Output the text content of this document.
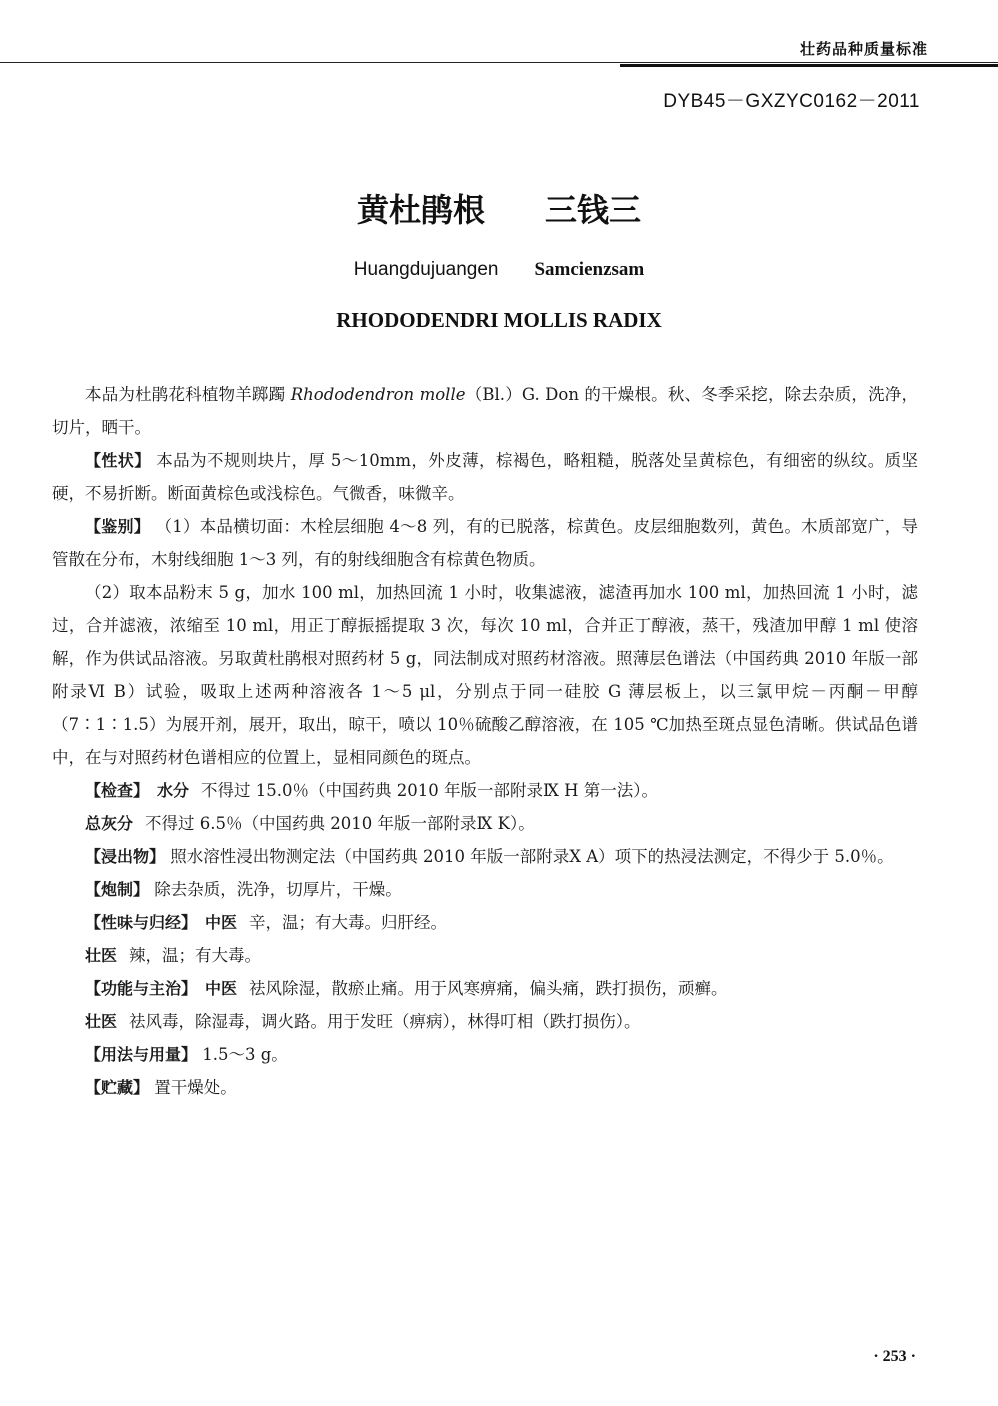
壮药品种质量标准
DYB45－GXZYC0162－2011
黄杜鹃根 三钱三
Huangdujuangen Samcienzsam
RHODODENDRI MOLLIS RADIX

本品为杜鹃花科植物羊踯躅 Rhododendron molle（Bl.）G. Don 的干燥根。秋、冬季采挖，除去杂质，洗净，切片，晒干。

【性状】 本品为不规则块片，厚 5～10mm，外皮薄，棕褐色，略粗糙，脱落处呈黄棕色，有细密的纵纹。质坚硬，不易折断。断面黄棕色或浅棕色。气微香，味微辛。

【鉴别】 （1）本品横切面：木栓层细胞 4～8 列，有的已脱落，棕黄色。皮层细胞数列，黄色。木质部宽广，导管散在分布，木射线细胞 1～3 列，有的射线细胞含有棕黄色物质。

（2）取本品粉末 5 g，加水 100 ml，加热回流 1 小时，收集滤液，滤渣再加水 100 ml，加热回流 1 小时，滤过，合并滤液，浓缩至 10 ml，用正丁醇振摇提取 3 次，每次 10 ml，合并正丁醇液，蒸干，残渣加甲醇 1 ml 使溶解，作为供试品溶液。另取黄杜鹃根对照药材 5 g，同法制成对照药材溶液。照薄层色谱法（中国药典 2010 年版一部附录Ⅵ B）试验，吸取上述两种溶液各 1～5 μl，分别点于同一硅胶 G 薄层板上，以三氯甲烷－丙酮－甲醇（7∶1∶1.5）为展开剂，展开，取出，晾干，喷以 10％硫酸乙醇溶液，在 105 ℃加热至斑点显色清晰。供试品色谱中，在与对照药材色谱相应的位置上，显相同颜色的斑点。

【检查】 水分 不得过 15.0％（中国药典 2010 年版一部附录Ⅸ H 第一法）。

总灰分 不得过 6.5％（中国药典 2010 年版一部附录Ⅸ K）。

【浸出物】 照水溶性浸出物测定法（中国药典 2010 年版一部附录Ⅹ A）项下的热浸法测定，不得少于 5.0％。

【炮制】 除去杂质，洗净，切厚片，干燥。

【性味与归经】 中医 辛，温；有大毒。归肝经。

壮医 辣，温；有大毒。

【功能与主治】 中医 祛风除湿，散瘀止痛。用于风寒痹痛，偏头痛，跌打损伤，顽癣。

壮医 祛风毒，除湿毒，调火路。用于发旺（痹病），林得叮相（跌打损伤）。

【用法与用量】 1.5～3 g。

【贮藏】 置干燥处。

· 253 ·
